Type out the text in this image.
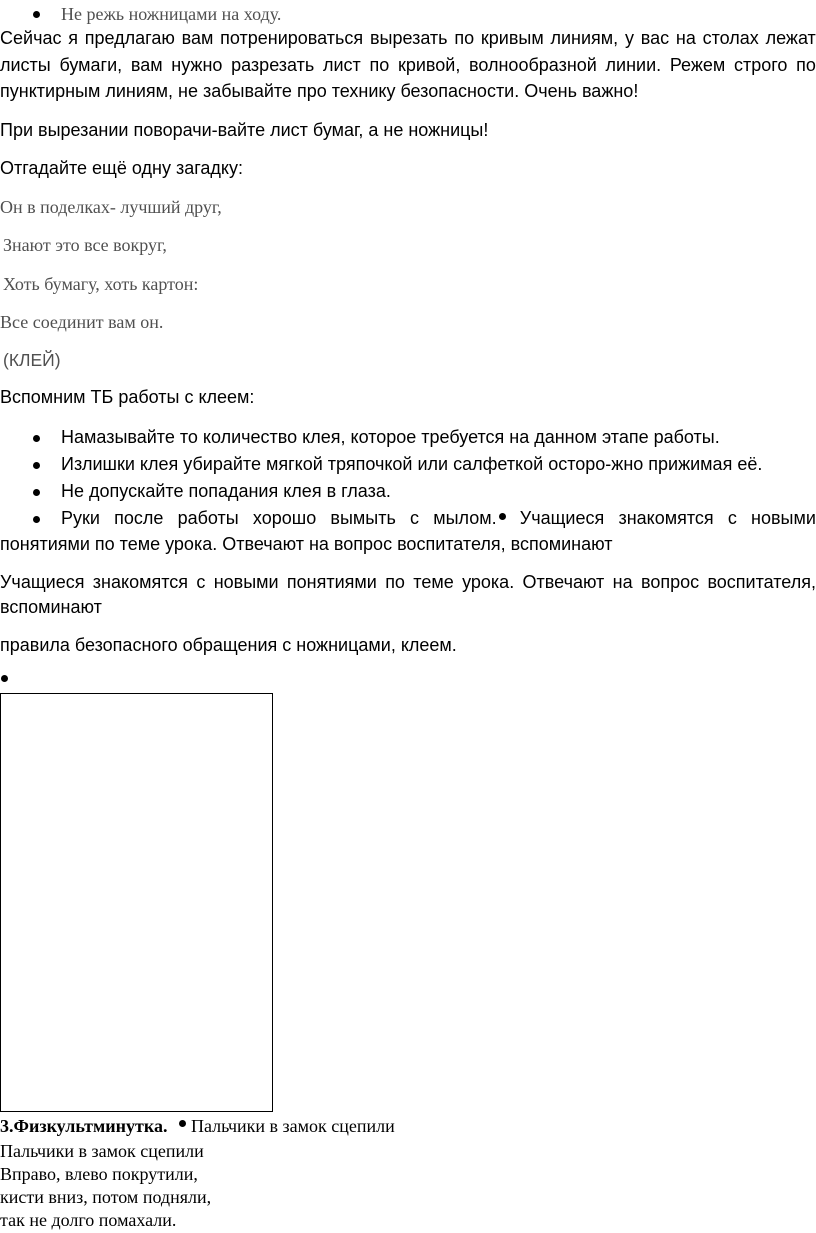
Не режь ножницами на ходу.
Сейчас я предлагаю вам потренироваться вырезать по кривым линиям, у вас на столах лежат
листы бумаги, вам нужно разрезать лист по кривой, волнообразной линии. Режем строго по
пунктирным линиям, не забывайте про технику безопасности. Очень важно!
При вырезании поворачи-вайте лист бумаг, а не ножницы!
Отгадайте ещё одну загадку:
Он в поделках- лучший друг,
Знают это все вокруг,
Хоть бумагу, хоть картон:
Все соединит вам он.
(КЛЕЙ)
Вспомним ТБ работы с клеем:
Намазывайте то количество клея, которое требуется на данном этапе работы.
Излишки клея убирайте мягкой тряпочкой или салфеткой осторо-жно прижимая её.
Не допускайте попадания клея в глаза.
Руки после работы хорошо вымыть с мылом.	Учащиеся знакомятся с новыми
понятиями по теме урока. Отвечают на вопрос воспитателя, вспоминают
Учащиеся знакомятся с новыми понятиями по теме урока. Отвечают на вопрос воспитателя,
вспоминают
правила безопасного обращения с ножницами, клеем.
3.Физкультминутка. Пальчики в замок сцепили
Пальчики в замок сцепили
Вправо, влево покрутили,
кисти вниз, потом подняли,
так не долго помахали.
